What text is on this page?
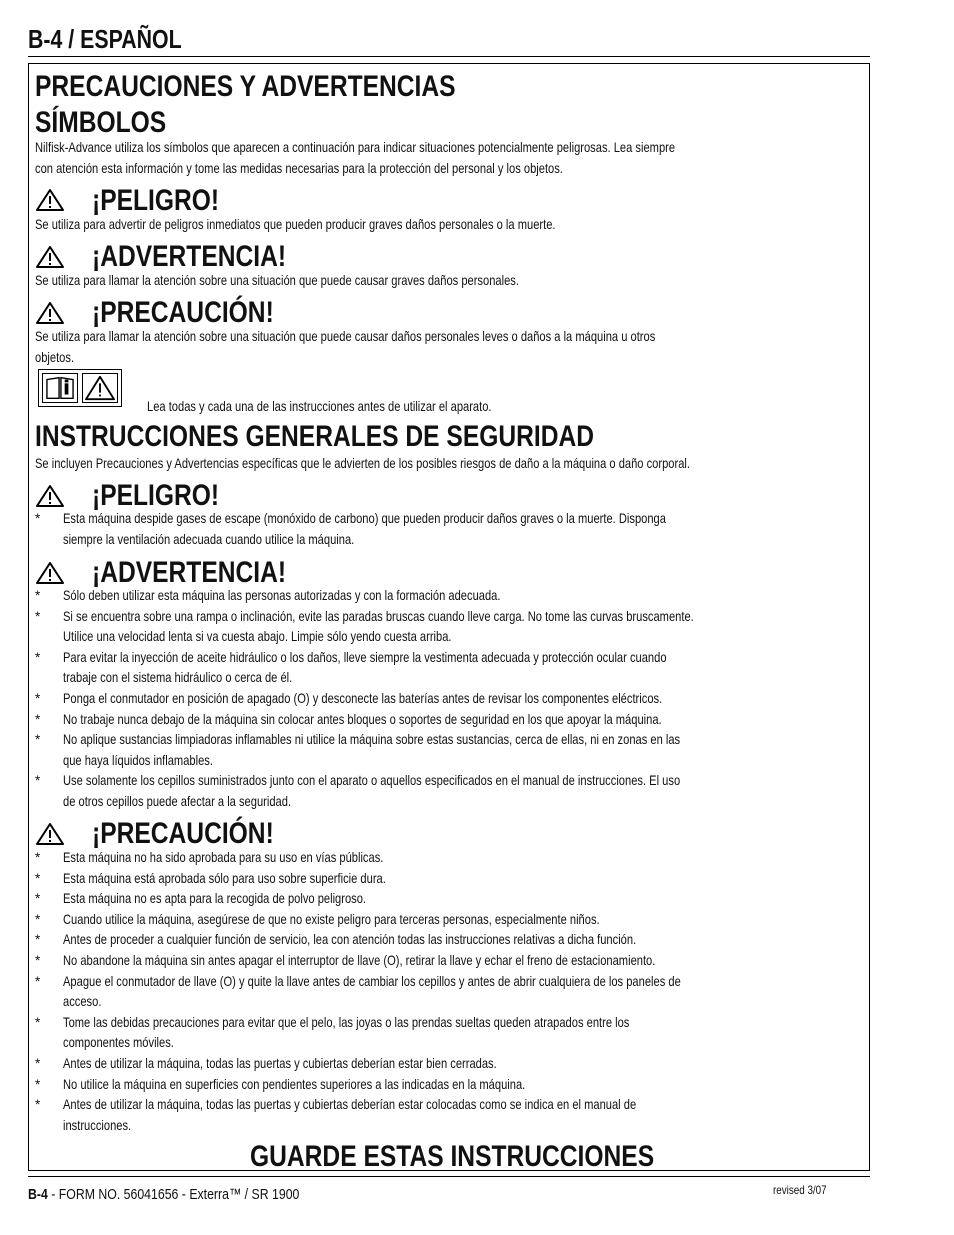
B-4 / ESPAÑOL
PRECAUCIONES Y ADVERTENCIAS
SÍMBOLOS
Nilfisk-Advance utiliza los símbolos que aparecen a continuación para indicar situaciones potencialmente peligrosas. Lea siempre
con atención esta información y tome las medidas necesarias para la protección del personal y los objetos.
¡PELIGRO!
Se utiliza para advertir de peligros inmediatos que pueden producir graves daños personales o la muerte.
¡ADVERTENCIA!
Se utiliza para llamar la atención sobre una situación que puede causar graves daños personales.
¡PRECAUCIÓN!
Se utiliza para llamar la atención sobre una situación que puede causar daños personales leves o daños a la máquina u otros
objetos.
Lea todas y cada una de las instrucciones antes de utilizar el aparato.
INSTRUCCIONES GENERALES DE SEGURIDAD
Se incluyen Precauciones y Advertencias específicas que le advierten de los posibles riesgos de daño a la máquina o daño corporal.
¡PELIGRO!
* Esta máquina despide gases de escape (monóxido de carbono) que pueden producir daños graves o la muerte. Disponga
siempre la ventilación adecuada cuando utilice la máquina.
¡ADVERTENCIA!
* Sólo deben utilizar esta máquina las personas autorizadas y con la formación adecuada.
* Si se encuentra sobre una rampa o inclinación, evite las paradas bruscas cuando lleve carga. No tome las curvas bruscamente.
Utilice una velocidad lenta si va cuesta abajo. Limpie sólo yendo cuesta arriba.
* Para evitar la inyección de aceite hidráulico o los daños, lleve siempre la vestimenta adecuada y protección ocular cuando
trabaje con el sistema hidráulico o cerca de él.
* Ponga el conmutador en posición de apagado (O) y desconecte las baterías antes de revisar los componentes eléctricos.
* No trabaje nunca debajo de la máquina sin colocar antes bloques o soportes de seguridad en los que apoyar la máquina.
* No aplique sustancias limpiadoras inflamables ni utilice la máquina sobre estas sustancias, cerca de ellas, ni en zonas en las
que haya líquidos inflamables.
* Use solamente los cepillos suministrados junto con el aparato o aquellos especificados en el manual de instrucciones. El uso
de otros cepillos puede afectar a la seguridad.
¡PRECAUCIÓN!
* Esta máquina no ha sido aprobada para su uso en vías públicas.
* Esta máquina está aprobada sólo para uso sobre superficie dura.
* Esta máquina no es apta para la recogida de polvo peligroso.
* Cuando utilice la máquina, asegúrese de que no existe peligro para terceras personas, especialmente niños.
* Antes de proceder a cualquier función de servicio, lea con atención todas las instrucciones relativas a dicha función.
* No abandone la máquina sin antes apagar el interruptor de llave (O), retirar la llave y echar el freno de estacionamiento.
* Apague el conmutador de llave (O) y quite la llave antes de cambiar los cepillos y antes de abrir cualquiera de los paneles de
acceso.
* Tome las debidas precauciones para evitar que el pelo, las joyas o las prendas sueltas queden atrapados entre los
componentes móviles.
* Antes de utilizar la máquina, todas las puertas y cubiertas deberían estar bien cerradas.
* No utilice la máquina en superficies con pendientes superiores a las indicadas en la máquina.
* Antes de utilizar la máquina, todas las puertas y cubiertas deberían estar colocadas como se indica en el manual de
instrucciones.
GUARDE ESTAS INSTRUCCIONES
B-4 - FORM NO. 56041656 - Exterra™ / SR 1900	revised 3/07
